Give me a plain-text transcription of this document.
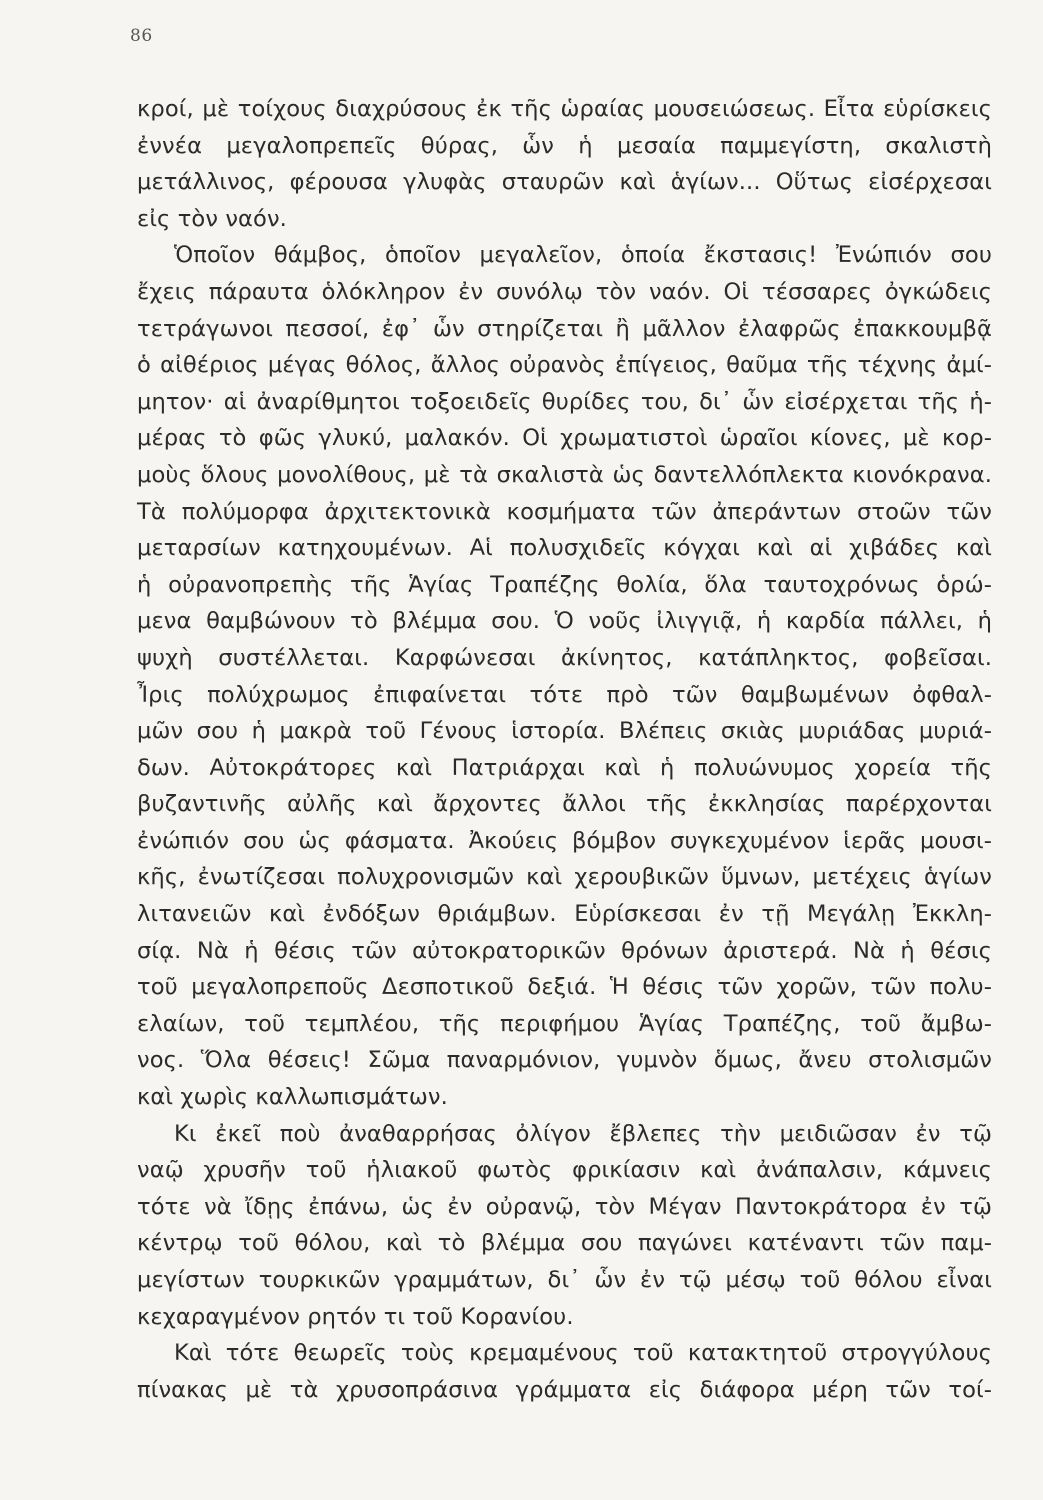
86
κροί, μὲ τοίχους διαχρύσους ἐκ τῆς ὡραίας μουσειώσεως. Εἶτα εὑρίσκεις
ἐννέα μεγαλοπρεπεῖς θύρας, ὧν ἡ μεσαία παμμεγίστη, σκαλιστὴ
μετάλλινος, φέρουσα γλυφὰς σταυρῶν καὶ ἁγίων... Οὕτως εἰσέρχεσαι
εἰς τὸν ναόν.
Ὁποῖον θάμβος, ὁποῖον μεγαλεῖον, ὁποία ἔκστασις! Ἐνώπιόν σου
ἔχεις πάραυτα ὁλόκληρον ἐν συνόλῳ τὸν ναόν. Οἱ τέσσαρες ὀγκώδεις
τετράγωνοι πεσσοί, ἐφ᾽ ὧν στηρίζεται ἢ μᾶλλον ἐλαφρῶς ἐπακκουμβᾷ
ὁ αἰθέριος μέγας θόλος, ἄλλος οὐρανὸς ἐπίγειος, θαῦμα τῆς τέχνης ἀμί-
μητον· αἱ ἀναρίθμητοι τοξοειδεῖς θυρίδες του, δι᾽ ὧν εἰσέρχεται τῆς ἡ-
μέρας τὸ φῶς γλυκύ, μαλακόν. Οἱ χρωματιστοὶ ὡραῖοι κίονες, μὲ κορ-
μοὺς ὅλους μονολίθους, μὲ τὰ σκαλιστὰ ὡς δαντελλόπλεκτα κιονόκρανα.
Τὰ πολύμορφα ἀρχιτεκτονικὰ κοσμήματα τῶν ἀπεράντων στοῶν τῶν
μεταρσίων κατηχουμένων. Αἱ πολυσχιδεῖς κόγχαι καὶ αἱ χιβάδες καὶ
ἡ οὐρανοπρεπὴς τῆς Ἁγίας Τραπέζης θολία, ὅλα ταυτοχρόνως ὁρώ-
μενα θαμβώνουν τὸ βλέμμα σου. Ὁ νοῦς ἰλιγγιᾷ, ἡ καρδία πάλλει, ἡ
ψυχὴ συστέλλεται. Καρφώνεσαι ἀκίνητος, κατάπληκτος, φοβεῖσαι.
Ἶρις πολύχρωμος ἐπιφαίνεται τότε πρὸ τῶν θαμβωμένων ὀφθαλ-
μῶν σου ἡ μακρὰ τοῦ Γένους ἱστορία. Βλέπεις σκιὰς μυριάδας μυριά-
δων. Αὐτοκράτορες καὶ Πατριάρχαι καὶ ἡ πολυώνυμος χορεία τῆς
βυζαντινῆς αὐλῆς καὶ ἄρχοντες ἄλλοι τῆς ἐκκλησίας παρέρχονται
ἐνώπιόν σου ὡς φάσματα. Ἀκούεις βόμβον συγκεχυμένον ἱερᾶς μουσι-
κῆς, ἐνωτίζεσαι πολυχρονισμῶν καὶ χερουβικῶν ὕμνων, μετέχεις ἁγίων
λιτανειῶν καὶ ἐνδόξων θριάμβων. Εὑρίσκεσαι ἐν τῇ Μεγάλῃ Ἐκκλη-
σίᾳ. Νὰ ἡ θέσις τῶν αὐτοκρατορικῶν θρόνων ἀριστερά. Νὰ ἡ θέσις
τοῦ μεγαλοπρεποῦς Δεσποτικοῦ δεξιά. Ἡ θέσις τῶν χορῶν, τῶν πολυ-
ελαίων, τοῦ τεμπλέου, τῆς περιφήμου Ἁγίας Τραπέζης, τοῦ ἄμβω-
νος. Ὅλα θέσεις! Σῶμα παναρμόνιον, γυμνὸν ὅμως, ἄνευ στολισμῶν
καὶ χωρὶς καλλωπισμάτων.
Κι ἐκεῖ ποὺ ἀναθαρρήσας ὀλίγον ἔβλεπες τὴν μειδιῶσαν ἐν τῷ
ναῷ χρυσῆν τοῦ ἡλιακοῦ φωτὸς φρικίασιν καὶ ἀνάπαλσιν, κάμνεις
τότε νὰ ἴδῃς ἐπάνω, ὡς ἐν οὐρανῷ, τὸν Μέγαν Παντοκράτορα ἐν τῷ
κέντρῳ τοῦ θόλου, καὶ τὸ βλέμμα σου παγώνει κατέναντι τῶν παμ-
μεγίστων τουρκικῶν γραμμάτων, δι᾽ ὧν ἐν τῷ μέσῳ τοῦ θόλου εἶναι
κεχαραγμένον ρητόν τι τοῦ Κορανίου.
Καὶ τότε θεωρεῖς τοὺς κρεμαμένους τοῦ κατακτητοῦ στρογγύλους
πίνακας μὲ τὰ χρυσοπράσινα γράμματα εἰς διάφορα μέρη τῶν τοί-
